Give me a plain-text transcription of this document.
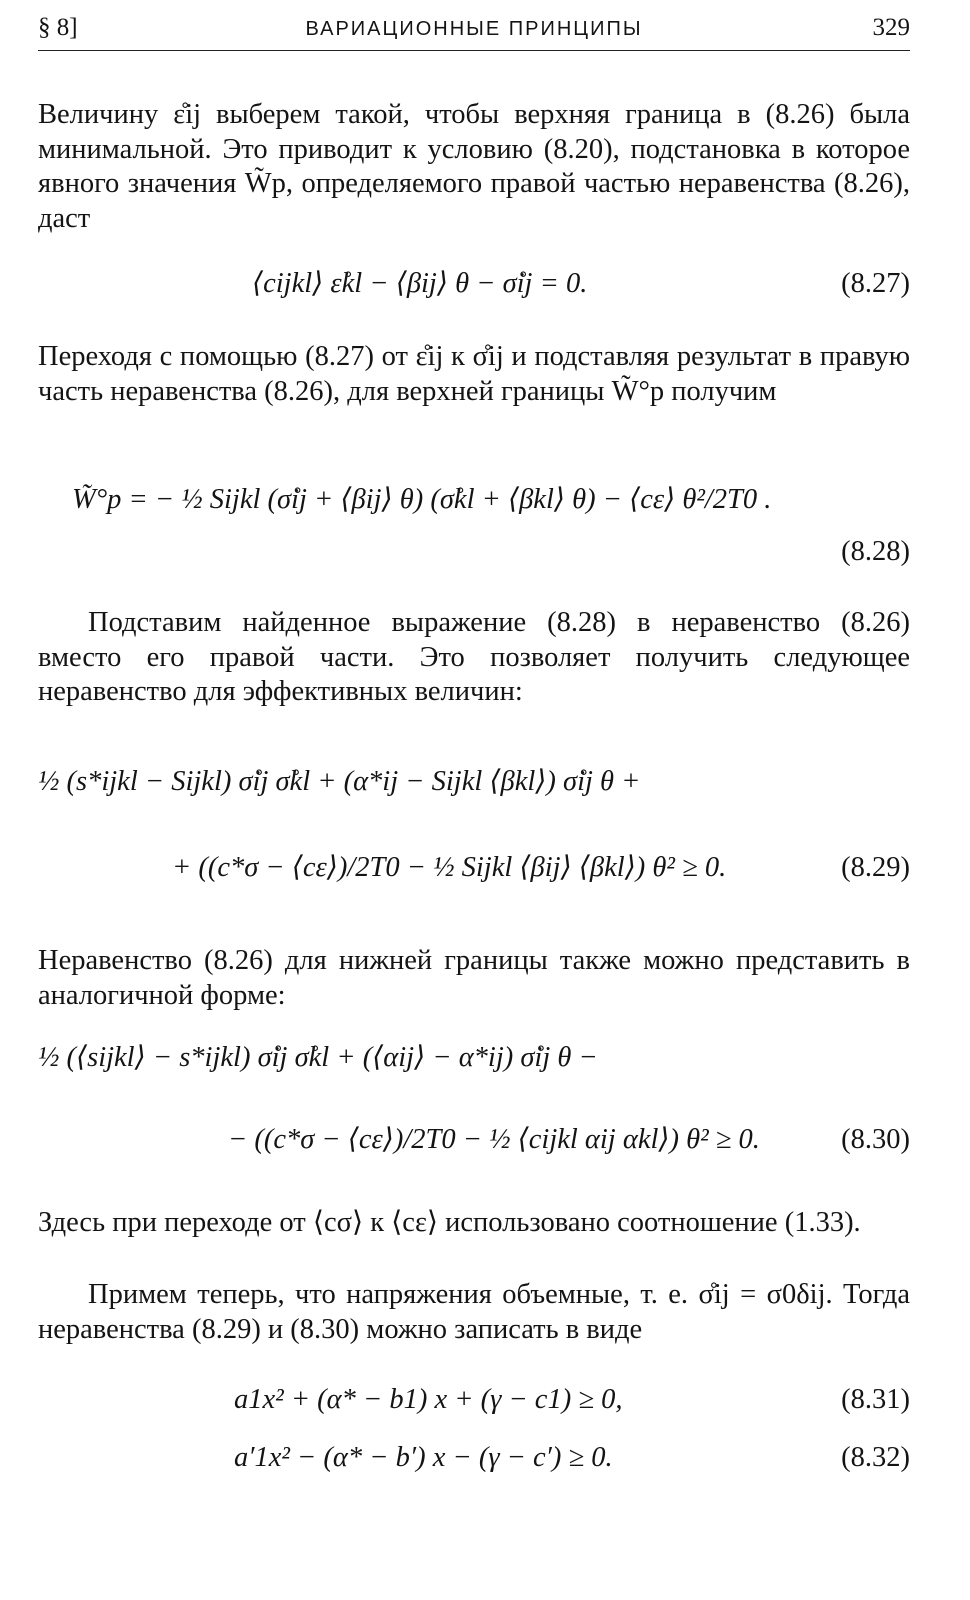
§ 8]	ВАРИАЦИОННЫЕ ПРИНЦИПЫ	329
Величину ε̊ij выберем такой, чтобы верхняя граница в (8.26) была минимальной. Это приводит к условию (8.20), подстановка в которое явного значения W̃p, определяемого правой частью неравенства (8.26), даст
⟨cijkl⟩ ε̊kl − ⟨βij⟩ θ − σ̊ij = 0.	(8.27)
Переходя с помощью (8.27) от ε̊ij к σ̊ij и подставляя результат в правую часть неравенства (8.26), для верхней границы W̃°p получим
W̃°p = − ½ Sijkl (σ̊ij + ⟨βij⟩ θ) (σ̊kl + ⟨βkl⟩ θ) − ⟨cε⟩ θ²/2T0 .
(8.28)
Подставим найденное выражение (8.28) в неравенство (8.26) вместо его правой части. Это позволяет получить следующее неравенство для эффективных величин:
½ (s*ijkl − Sijkl) σ̊ij σ̊kl + (α*ij − Sijkl ⟨βkl⟩) σ̊ij θ +
+ ((c*σ − ⟨cε⟩)/2T0 − ½ Sijkl ⟨βij⟩ ⟨βkl⟩) θ² ≥ 0.	(8.29)
Неравенство (8.26) для нижней границы также можно представить в аналогичной форме:
½ (⟨sijkl⟩ − s*ijkl) σ̊ij σ̊kl + (⟨αij⟩ − α*ij) σ̊ij θ −
− ((c*σ − ⟨cε⟩)/2T0 − ½ ⟨cijkl αij αkl⟩) θ² ≥ 0.	(8.30)
Здесь при переходе от ⟨cσ⟩ к ⟨cε⟩ использовано соотношение (1.33).
Примем теперь, что напряжения объемные, т. е. σ̊ij = σ0δij. Тогда неравенства (8.29) и (8.30) можно записать в виде
a1x² + (α* − b1) x + (γ − c1) ≥ 0,	(8.31)
a′1x² − (α* − b′) x − (γ − c′) ≥ 0.	(8.32)
